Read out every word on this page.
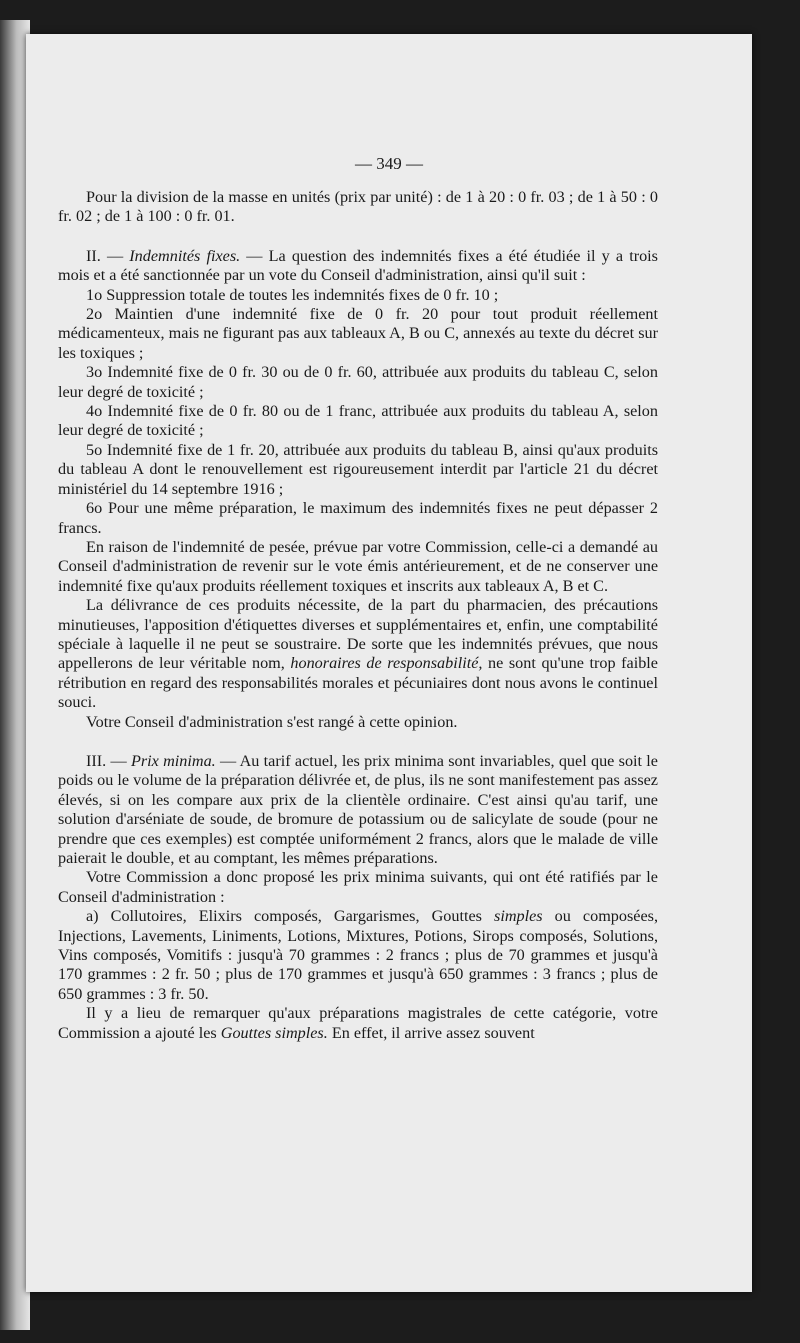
— 349 —

Pour la division de la masse en unités (prix par unité) : de 1 à 20 : 0 fr. 03 ; de 1 à 50 : 0 fr. 02 ; de 1 à 100 : 0 fr. 01.

II. — Indemnités fixes. — La question des indemnités fixes a été étudiée il y a trois mois et a été sanctionnée par un vote du Conseil d'administration, ainsi qu'il suit :

1o Suppression totale de toutes les indemnités fixes de 0 fr. 10 ;

2o Maintien d'une indemnité fixe de 0 fr. 20 pour tout produit réellement médicamenteux, mais ne figurant pas aux tableaux A, B ou C, annexés au texte du décret sur les toxiques ;

3o Indemnité fixe de 0 fr. 30 ou de 0 fr. 60, attribuée aux produits du tableau C, selon leur degré de toxicité ;

4o Indemnité fixe de 0 fr. 80 ou de 1 franc, attribuée aux produits du tableau A, selon leur degré de toxicité ;

5o Indemnité fixe de 1 fr. 20, attribuée aux produits du tableau B, ainsi qu'aux produits du tableau A dont le renouvellement est rigoureusement interdit par l'article 21 du décret ministériel du 14 septembre 1916 ;

6o Pour une même préparation, le maximum des indemnités fixes ne peut dépasser 2 francs.

En raison de l'indemnité de pesée, prévue par votre Commission, celle-ci a demandé au Conseil d'administration de revenir sur le vote émis antérieurement, et de ne conserver une indemnité fixe qu'aux produits réellement toxiques et inscrits aux tableaux A, B et C.

La délivrance de ces produits nécessite, de la part du pharmacien, des précautions minutieuses, l'apposition d'étiquettes diverses et supplémentaires et, enfin, une comptabilité spéciale à laquelle il ne peut se soustraire. De sorte que les indemnités prévues, que nous appellerons de leur véritable nom, honoraires de responsabilité, ne sont qu'une trop faible rétribution en regard des responsabilités morales et pécuniaires dont nous avons le continuel souci.

Votre Conseil d'administration s'est rangé à cette opinion.

III. — Prix minima. — Au tarif actuel, les prix minima sont invariables, quel que soit le poids ou le volume de la préparation délivrée et, de plus, ils ne sont manifestement pas assez élevés, si on les compare aux prix de la clientèle ordinaire. C'est ainsi qu'au tarif, une solution d'arséniate de soude, de bromure de potassium ou de salicylate de soude (pour ne prendre que ces exemples) est comptée uniformément 2 francs, alors que le malade de ville paierait le double, et au comptant, les mêmes préparations.

Votre Commission a donc proposé les prix minima suivants, qui ont été ratifiés par le Conseil d'administration :

a) Collutoires, Elixirs composés, Gargarismes, Gouttes simples ou composées, Injections, Lavements, Liniments, Lotions, Mixtures, Potions, Sirops composés, Solutions, Vins composés, Vomitifs : jusqu'à 70 grammes : 2 francs ; plus de 70 grammes et jusqu'à 170 grammes : 2 fr. 50 ; plus de 170 grammes et jusqu'à 650 grammes : 3 francs ; plus de 650 grammes : 3 fr. 50.

Il y a lieu de remarquer qu'aux préparations magistrales de cette catégorie, votre Commission a ajouté les Gouttes simples. En effet, il arrive assez souvent
